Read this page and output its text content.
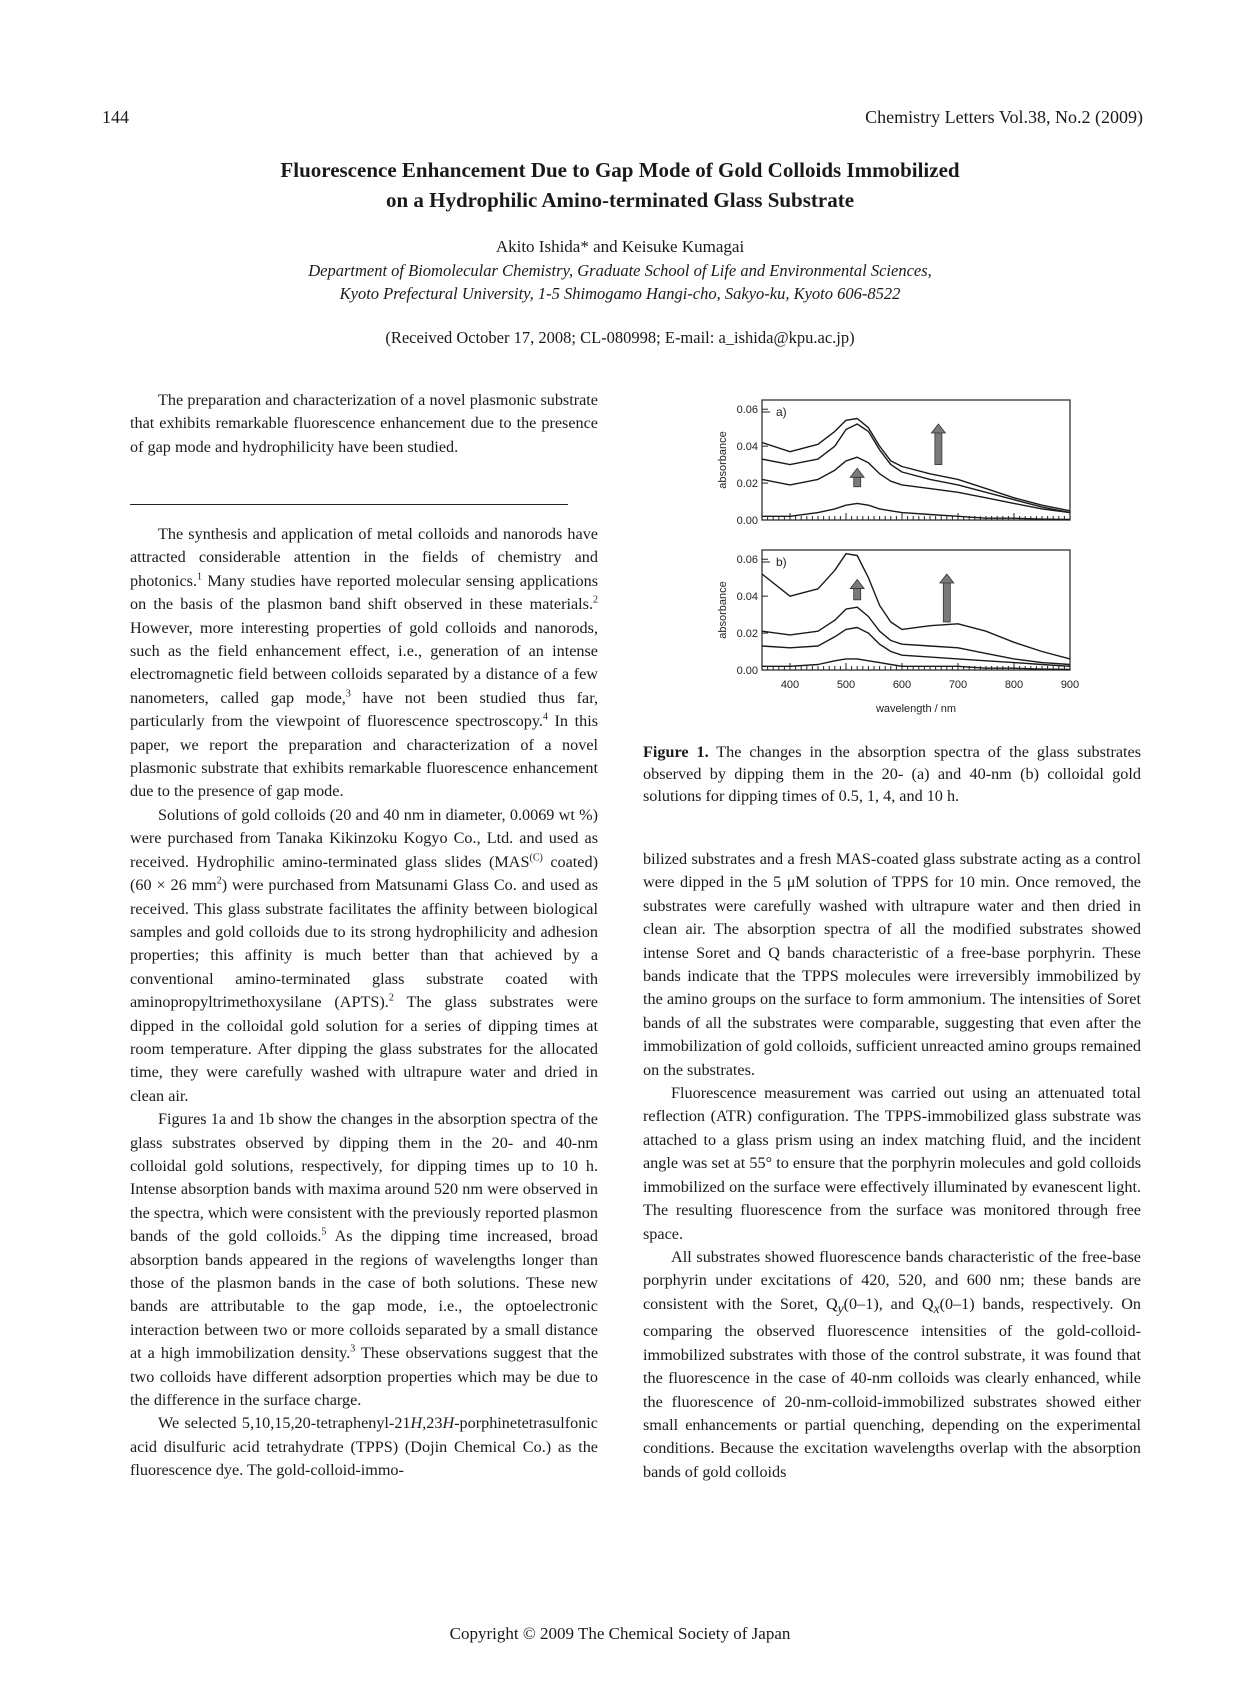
144	Chemistry Letters Vol.38, No.2 (2009)
Fluorescence Enhancement Due to Gap Mode of Gold Colloids Immobilized
on a Hydrophilic Amino-terminated Glass Substrate
Akito Ishida* and Keisuke Kumagai
Department of Biomolecular Chemistry, Graduate School of Life and Environmental Sciences,
Kyoto Prefectural University, 1-5 Shimogamo Hangi-cho, Sakyo-ku, Kyoto 606-8522
(Received October 17, 2008; CL-080998; E-mail: a_ishida@kpu.ac.jp)

The preparation and characterization of a novel plasmonic substrate that exhibits remarkable fluorescence enhancement due to the presence of gap mode and hydrophilicity have been studied.

The synthesis and application of metal colloids and nanorods have attracted considerable attention in the fields of chemistry and photonics.$^1$ Many studies have reported molecular sensing applications on the basis of the plasmon band shift observed in these materials.$^2$ However, more interesting properties of gold colloids and nanorods, such as the field enhancement effect, i.e., generation of an intense electromagnetic field between colloids separated by a distance of a few nanometers, called gap mode,$^3$ have not been studied thus far, particularly from the viewpoint of fluorescence spectroscopy.$^4$ In this paper, we report the preparation and characterization of a novel plasmonic substrate that exhibits remarkable fluorescence enhancement due to the presence of gap mode.

Solutions of gold colloids (20 and 40 nm in diameter, 0.0069 wt %) were purchased from Tanaka Kikinzoku Kogyo Co., Ltd. and used as received. Hydrophilic amino-terminated glass slides ($MAS^{(C)}$ coated) (60 × 26 $mm^2$) were purchased from Matsunami Glass Co. and used as received. This glass substrate facilitates the affinity between biological samples and gold colloids due to its strong hydrophilicity and adhesion properties; this affinity is much better than that achieved by a conventional amino-terminated glass substrate coated with aminopropyltrimethoxysilane (APTS).$^2$ The glass substrates were dipped in the colloidal gold solution for a series of dipping times at room temperature. After dipping the glass substrates for the allocated time, they were carefully washed with ultrapure water and dried in clean air.

Figures 1a and 1b show the changes in the absorption spectra of the glass substrates observed by dipping them in the 20- and 40-nm colloidal gold solutions, respectively, for dipping times up to 10 h. Intense absorption bands with maxima around 520 nm were observed in the spectra, which were consistent with the previously reported plasmon bands of the gold colloids.$^5$ As the dipping time increased, broad absorption bands appeared in the regions of wavelengths longer than those of the plasmon bands in the case of both solutions. These new bands are attributable to the gap mode, i.e., the optoelectronic interaction between two or more colloids separated by a small distance at a high immobilization density.$^3$ These observations suggest that the two colloids have different adsorption properties which may be due to the difference in the surface charge.

We selected 5,10,15,20-tetraphenyl-21H,23H-porphinetetrasulfonic acid disulfuric acid tetrahydrate (TPPS) (Dojin Chemical Co.) as the fluorescence dye. The gold-colloid-immo-

0.00
0.02
0.04
0.06 a)
absorbance
0.00
0.02
0.04
0.06 b)
absorbance
400	500	600	700	800	900
wavelength / nm
Figure 1. The changes in the absorption spectra of the glass substrates observed by dipping them in the 20- (a) and 40-nm (b) colloidal gold solutions for dipping times of 0.5, 1, 4, and 10 h.

bilized substrates and a fresh MAS-coated glass substrate acting as a control were dipped in the 5 μM solution of TPPS for 10 min. Once removed, the substrates were carefully washed with ultrapure water and then dried in clean air. The absorption spectra of all the modified substrates showed intense Soret and Q bands characteristic of a free-base porphyrin. These bands indicate that the TPPS molecules were irreversibly immobilized by the amino groups on the surface to form ammonium. The intensities of Soret bands of all the substrates were comparable, suggesting that even after the immobilization of gold colloids, sufficient unreacted amino groups remained on the substrates.

Fluorescence measurement was carried out using an attenuated total reflection (ATR) configuration. The TPPS-immobilized glass substrate was attached to a glass prism using an index matching fluid, and the incident angle was set at 55° to ensure that the porphyrin molecules and gold colloids immobilized on the surface were effectively illuminated by evanescent light. The resulting fluorescence from the surface was monitored through free space.

All substrates showed fluorescence bands characteristic of the free-base porphyrin under excitations of 420, 520, and 600 nm; these bands are consistent with the Soret, $Q_y(0-1)$, and $Q_x(0-1)$ bands, respectively. On comparing the observed fluorescence intensities of the gold-colloid-immobilized substrates with those of the control substrate, it was found that the fluorescence in the case of 40-nm colloids was clearly enhanced, while the fluorescence of 20-nm-colloid-immobilized substrates showed either small enhancements or partial quenching, depending on the experimental conditions. Because the excitation wavelengths overlap with the absorption bands of gold colloids

Copyright © 2009 The Chemical Society of Japan
